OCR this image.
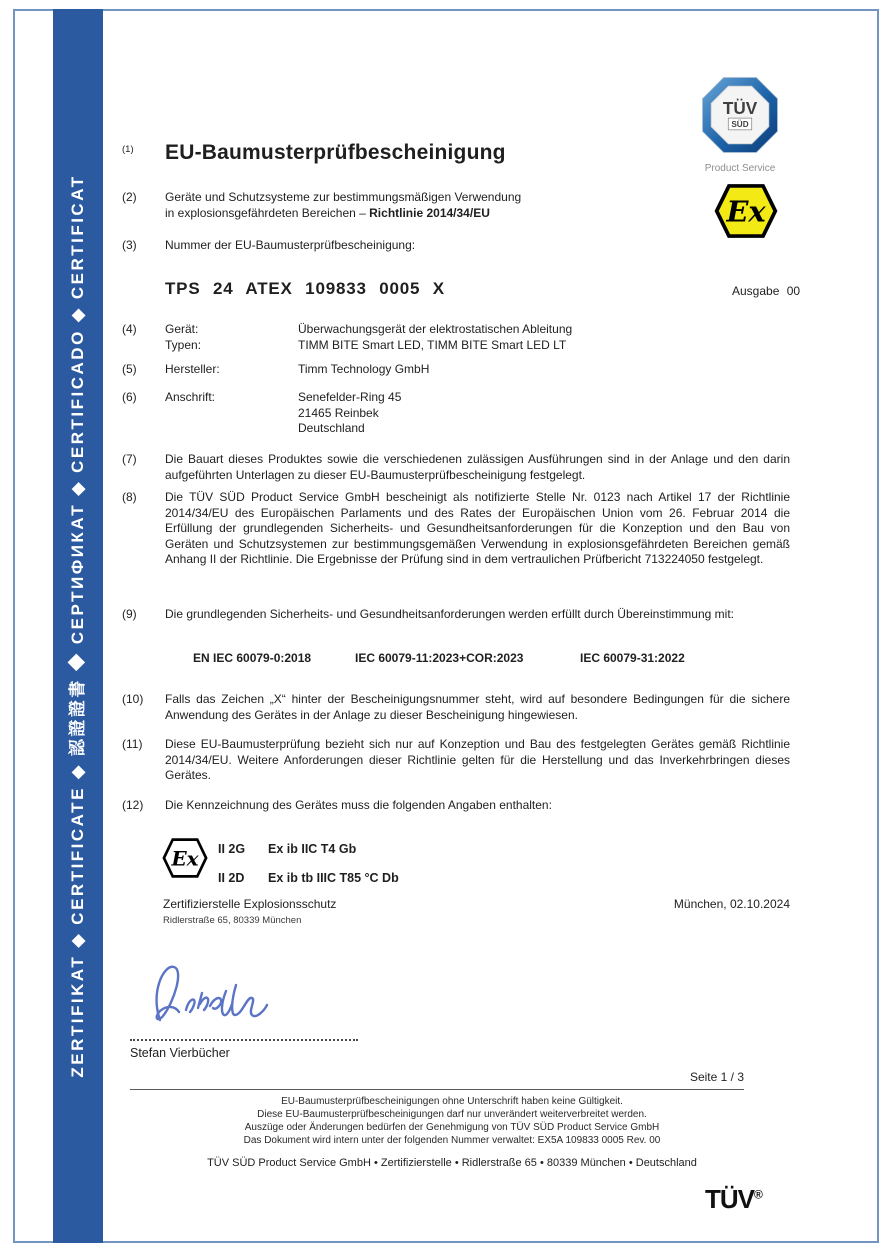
ZERTIFIKAT ◆ CERTIFICATE ◆ 認證證書 ◆ СЕРТИФИКАТ ◆ CERTIFICADO ◆ CERTIFICAT
TÜV
SÜD
Product Service
Ex
(1) EU-Baumusterprüfbescheinigung
(2) Geräte und Schutzsysteme zur bestimmungsmäßigen Verwendung
in explosionsgefährdeten Bereichen – Richtlinie 2014/34/EU
(3) Nummer der EU-Baumusterprüfbescheinigung:
TPS 24 ATEX 109833 0005 X	Ausgabe 00
(4) Gerät:	Überwachungsgerät der elektrostatischen Ableitung
Typen:	TIMM BITE Smart LED, TIMM BITE Smart LED LT
(5) Hersteller:	Timm Technology GmbH
(6) Anschrift:	Senefelder-Ring 45
21465 Reinbek
Deutschland
(7) Die Bauart dieses Produktes sowie die verschiedenen zulässigen Ausführungen sind in der Anlage und den darin aufgeführten Unterlagen zu dieser EU-Baumusterprüfbescheinigung festgelegt.
(8) Die TÜV SÜD Product Service GmbH bescheinigt als notifizierte Stelle Nr. 0123 nach Artikel 17 der Richtlinie 2014/34/EU des Europäischen Parlaments und des Rates der Europäischen Union vom 26. Februar 2014 die Erfüllung der grundlegenden Sicherheits- und Gesundheitsanforderungen für die Konzeption und den Bau von Geräten und Schutzsystemen zur bestimmungsgemäßen Verwendung in explosionsgefährdeten Bereichen gemäß Anhang II der Richtlinie. Die Ergebnisse der Prüfung sind in dem vertraulichen Prüfbericht 713224050 festgelegt.
(9) Die grundlegenden Sicherheits- und Gesundheitsanforderungen werden erfüllt durch Übereinstimmung mit:
EN IEC 60079-0:2018	IEC 60079-11:2023+COR:2023	IEC 60079-31:2022
(10) Falls das Zeichen „X“ hinter der Bescheinigungsnummer steht, wird auf besondere Bedingungen für die sichere Anwendung des Gerätes in der Anlage zu dieser Bescheinigung hingewiesen.
(11) Diese EU-Baumusterprüfung bezieht sich nur auf Konzeption und Bau des festgelegten Gerätes gemäß Richtlinie 2014/34/EU. Weitere Anforderungen dieser Richtlinie gelten für die Herstellung und das Inverkehrbringen dieses Gerätes.
(12) Die Kennzeichnung des Gerätes muss die folgenden Angaben enthalten:
Ex II 2G Ex ib IIC T4 Gb
II 2D Ex ib tb IIIC T85 °C Db
Zertifizierstelle Explosionsschutz
Ridlerstraße 65, 80339 München
München, 02.10.2024
Stefan Vierbücher
Seite 1 / 3
EU-Baumusterprüfbescheinigungen ohne Unterschrift haben keine Gültigkeit.
Diese EU-Baumusterprüfbescheinigungen darf nur unverändert weiterverbreitet werden.
Auszüge oder Änderungen bedürfen der Genehmigung von TÜV SÜD Product Service GmbH
Das Dokument wird intern unter der folgenden Nummer verwaltet: EX5A 109833 0005 Rev. 00
TÜV SÜD Product Service GmbH • Zertifizierstelle • Ridlerstraße 65 • 80339 München • Deutschland
TÜV®
